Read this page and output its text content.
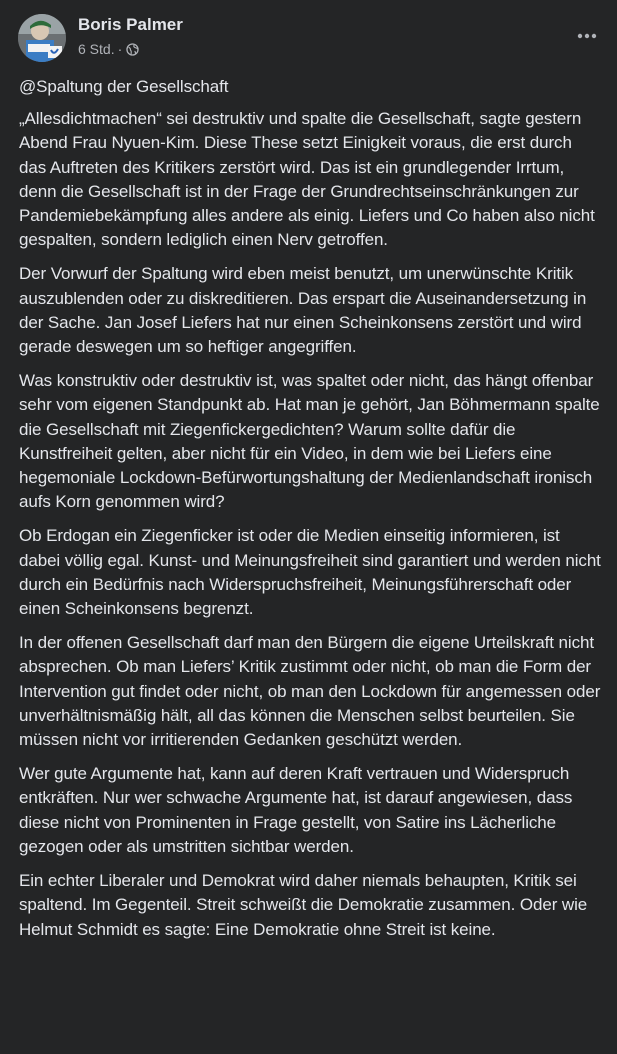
Boris Palmer
6 Std. ·

@Spaltung der Gesellschaft

„Allesdichtmachen“ sei destruktiv und spalte die Gesellschaft, sagte gestern Abend Frau Nyuen-Kim. Diese These setzt Einigkeit voraus, die erst durch das Auftreten des Kritikers zerstört wird. Das ist ein grundlegender Irrtum, denn die Gesellschaft ist in der Frage der Grundrechtseinschränkungen zur Pandemiebekämpfung alles andere als einig. Liefers und Co haben also nicht gespalten, sondern lediglich einen Nerv getroffen.

Der Vorwurf der Spaltung wird eben meist benutzt, um unerwünschte Kritik auszublenden oder zu diskreditieren. Das erspart die Auseinandersetzung in der Sache. Jan Josef Liefers hat nur einen Scheinkonsens zerstört und wird gerade deswegen um so heftiger angegriffen.

Was konstruktiv oder destruktiv ist, was spaltet oder nicht, das hängt offenbar sehr vom eigenen Standpunkt ab. Hat man je gehört, Jan Böhmermann spalte die Gesellschaft mit Ziegenfickergedichten? Warum sollte dafür die Kunstfreiheit gelten, aber nicht für ein Video, in dem wie bei Liefers eine hegemoniale Lockdown-Befürwortungshaltung der Medienlandschaft ironisch aufs Korn genommen wird?

Ob Erdogan ein Ziegenficker ist oder die Medien einseitig informieren, ist dabei völlig egal. Kunst- und Meinungsfreiheit sind garantiert und werden nicht durch ein Bedürfnis nach Widerspruchsfreiheit, Meinungsführerschaft oder einen Scheinkonsens begrenzt.

In der offenen Gesellschaft darf man den Bürgern die eigene Urteilskraft nicht absprechen. Ob man Liefers’ Kritik zustimmt oder nicht, ob man die Form der Intervention gut findet oder nicht, ob man den Lockdown für angemessen oder unverhältnismäßig hält, all das können die Menschen selbst beurteilen. Sie müssen nicht vor irritierenden Gedanken geschützt werden.

Wer gute Argumente hat, kann auf deren Kraft vertrauen und Widerspruch entkräften. Nur wer schwache Argumente hat, ist darauf angewiesen, dass diese nicht von Prominenten in Frage gestellt, von Satire ins Lächerliche gezogen oder als umstritten sichtbar werden.

Ein echter Liberaler und Demokrat wird daher niemals behaupten, Kritik sei spaltend. Im Gegenteil. Streit schweißt die Demokratie zusammen. Oder wie Helmut Schmidt es sagte: Eine Demokratie ohne Streit ist keine.
